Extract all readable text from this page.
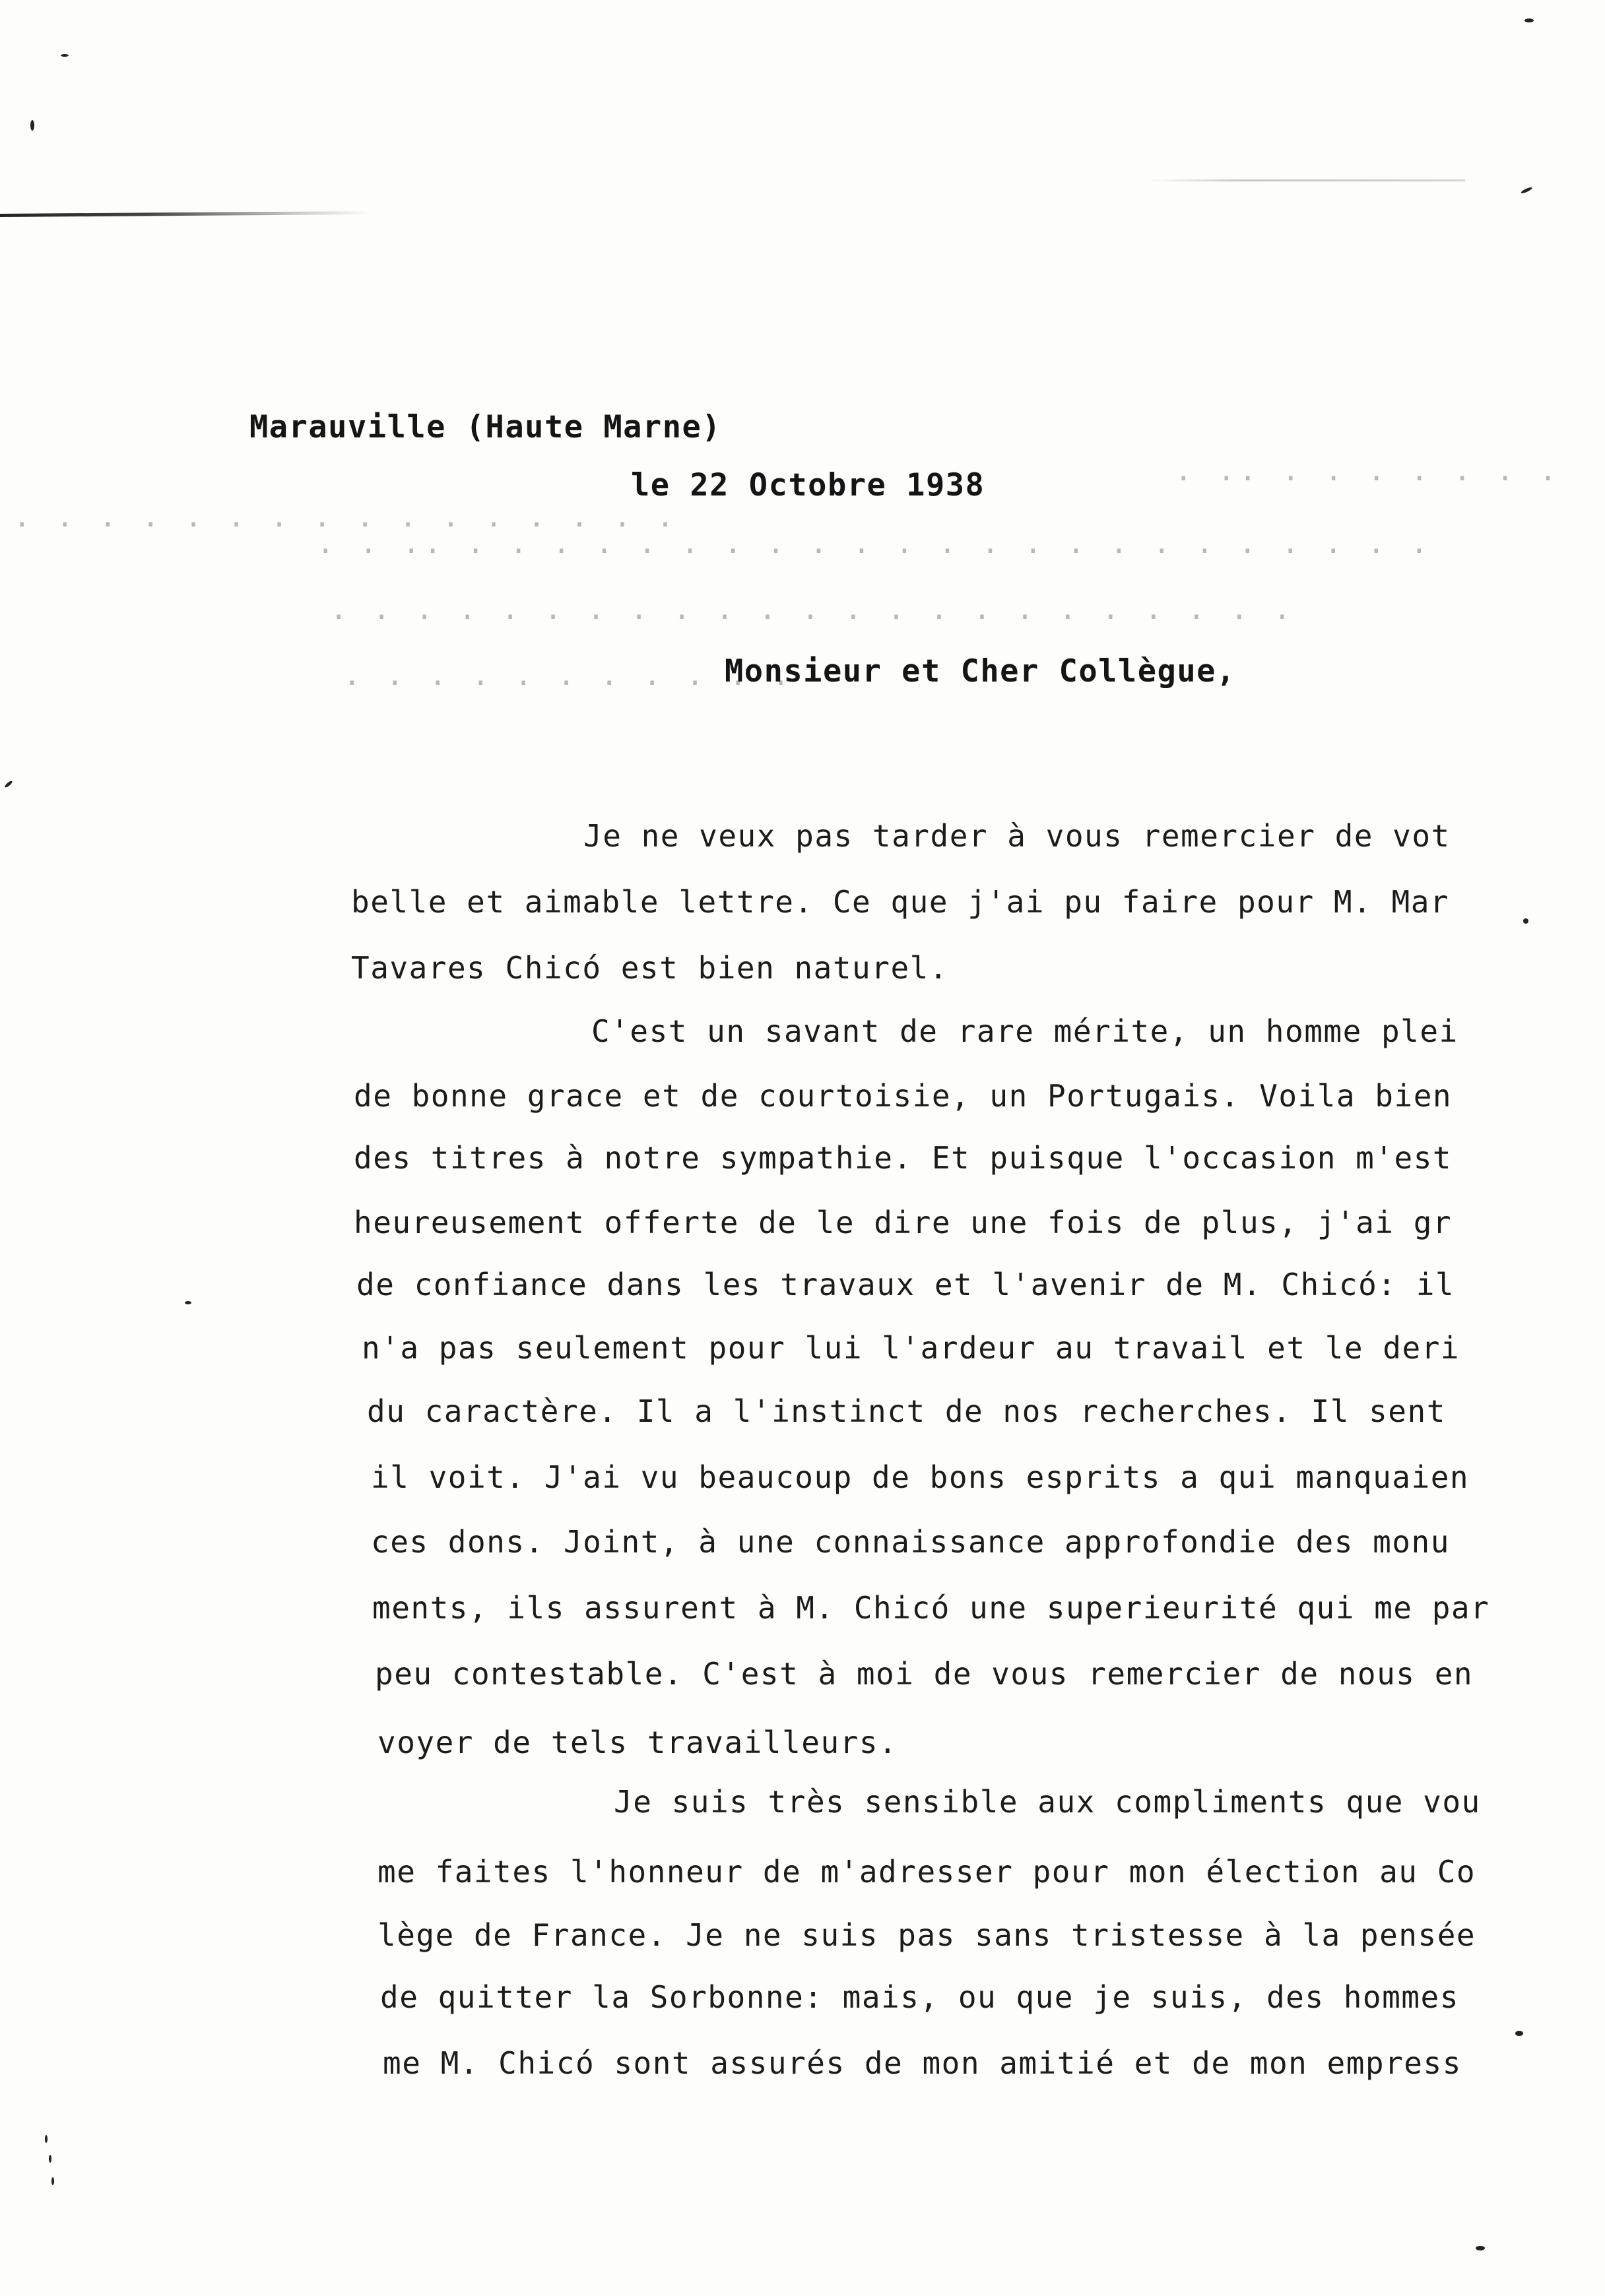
· · · · · · · · · · · · · · · ·
· · ·· · · · · · · · · · · · · · · · · · · · · · · ·
· · · · · · · · · · · · · · · · · · · · · · ·
· · · · · · · · · · ·
· ·· · · · · · · ·
Marauville (Haute Marne)
le 22 Octobre 1938
Monsieur et Cher Collègue,
Je ne veux pas tarder à vous remercier de vot
belle et aimable lettre. Ce que j'ai pu faire pour M. Mar
Tavares Chicó est bien naturel.
C'est un savant de rare mérite, un homme plei
de bonne grace et de courtoisie, un Portugais. Voila bien
des titres à notre sympathie. Et puisque l'occasion m'est
heureusement offerte de le dire une fois de plus, j'ai gr
de confiance dans les travaux et l'avenir de M. Chicó: il
n'a pas seulement pour lui l'ardeur au travail et le deri
du caractère. Il a l'instinct de nos recherches. Il sent
il voit. J'ai vu beaucoup de bons esprits a qui manquaien
ces dons. Joint, à une connaissance approfondie des monu
ments, ils assurent à M. Chicó une superieurité qui me par
peu contestable. C'est à moi de vous remercier de nous en
voyer de tels travailleurs.
Je suis très sensible aux compliments que vou
me faites l'honneur de m'adresser pour mon élection au Co
lège de France. Je ne suis pas sans tristesse à la pensée
de quitter la Sorbonne: mais, ou que je suis, des hommes
me M. Chicó sont assurés de mon amitié et de mon empress
